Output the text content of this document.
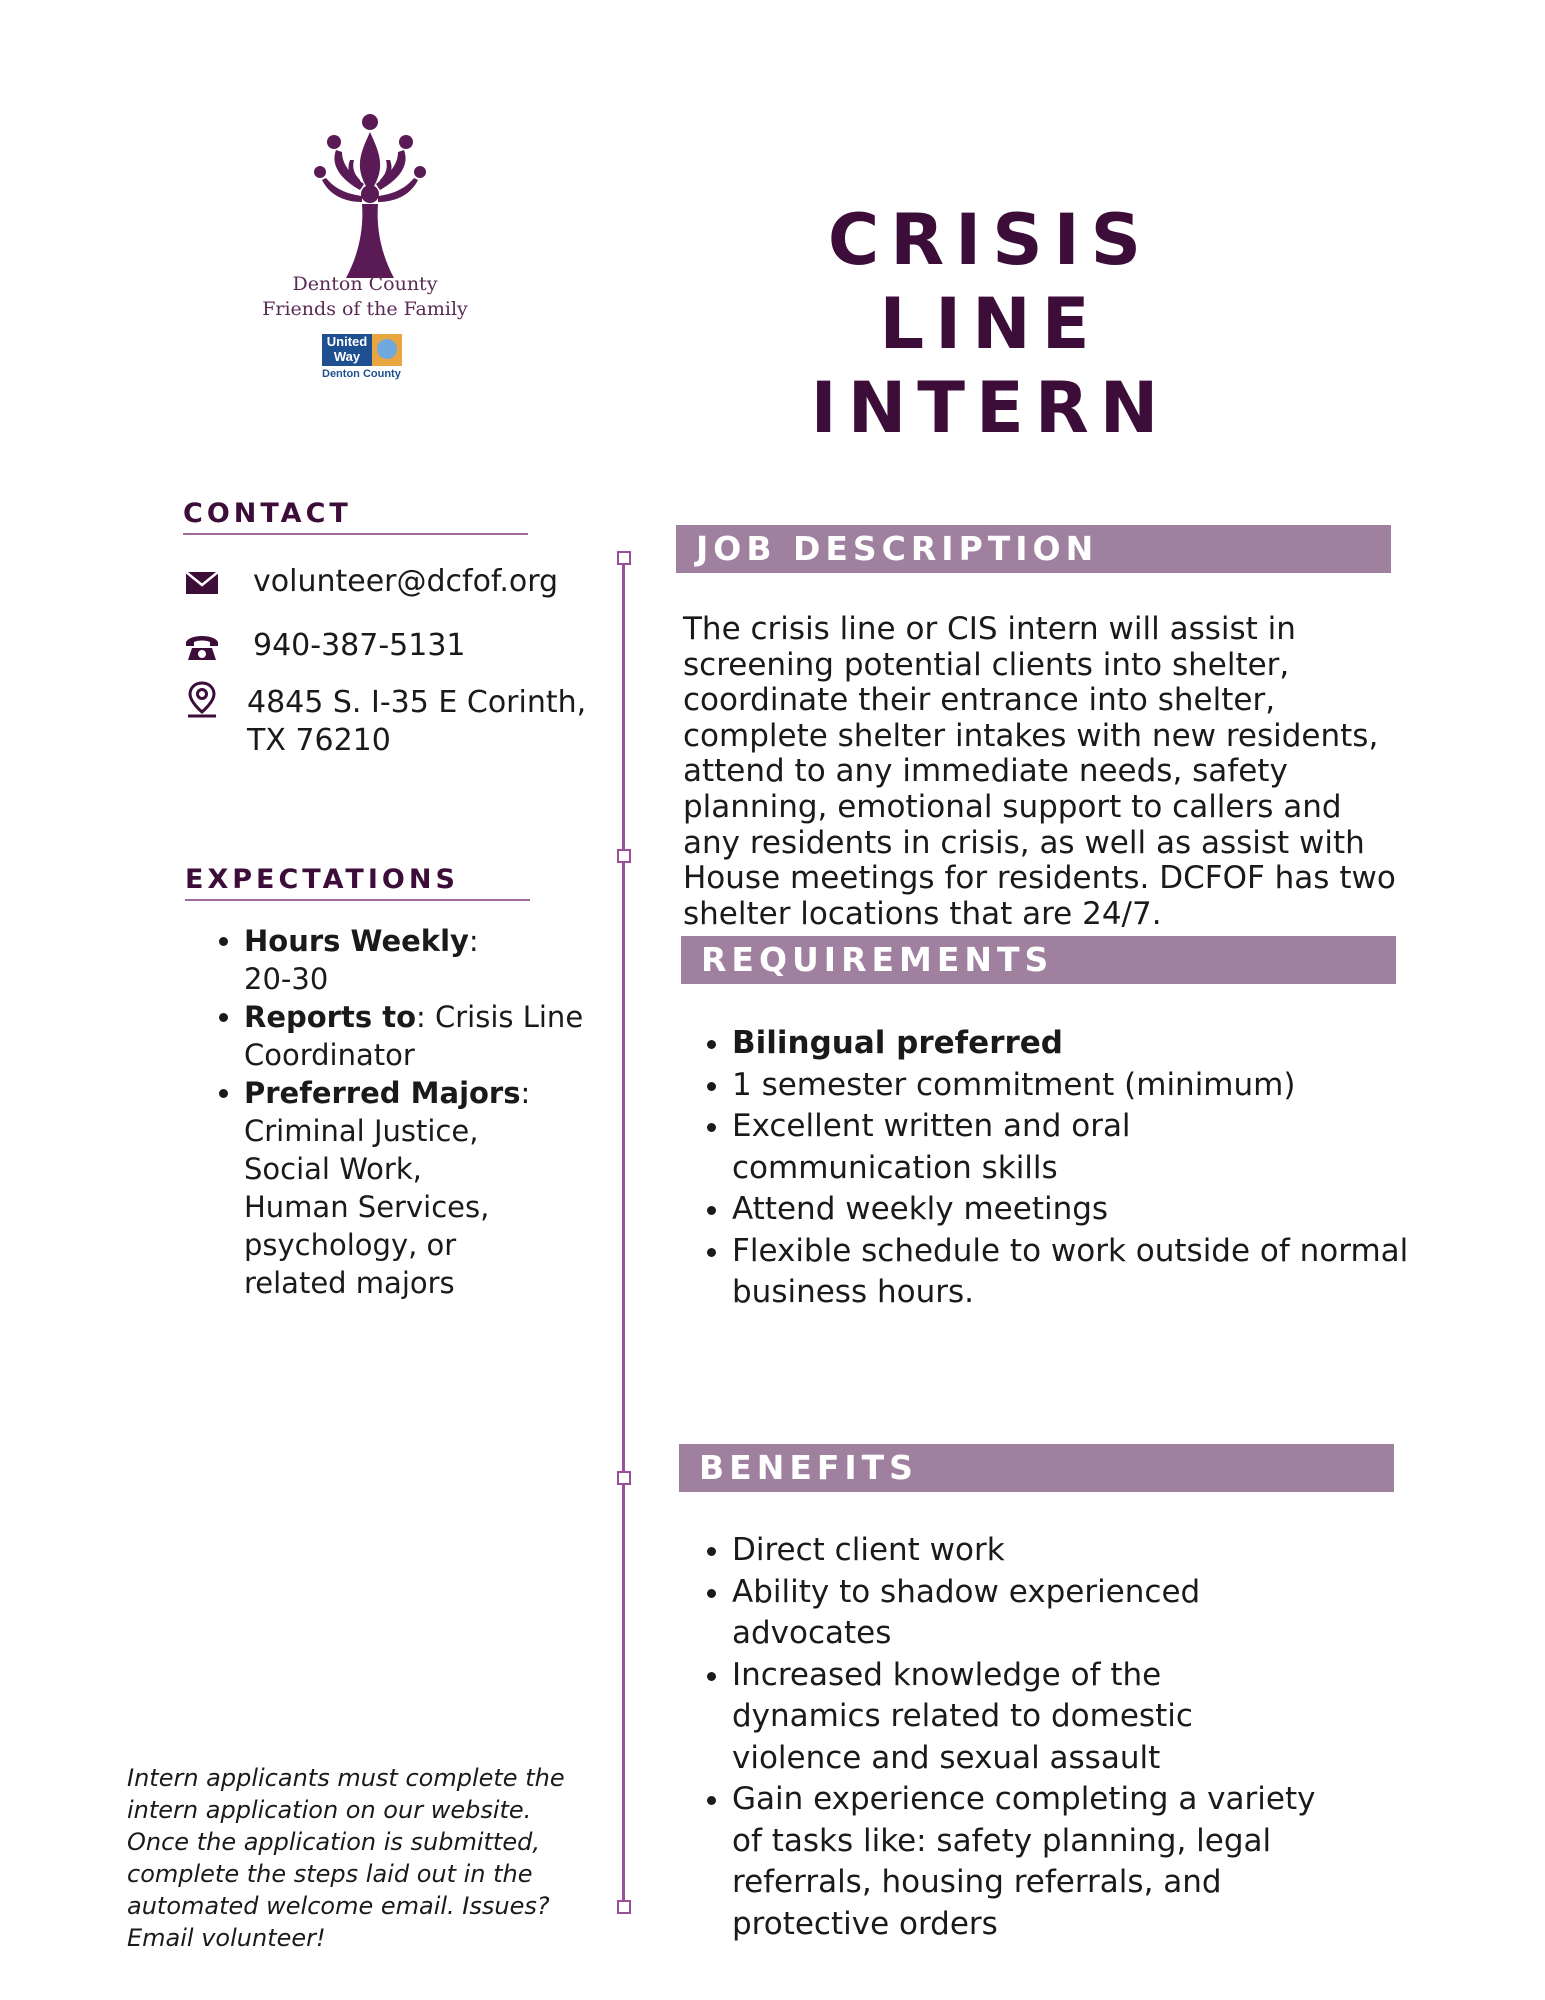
Denton County
Friends of the Family
United
Way
Denton County
CRISIS LINE
INTERN
CONTACT
volunteer@dcfof.org
940-387-5131
4845 S. I-35 E Corinth,
TX 76210
EXPECTATIONS
• Hours Weekly:
20-30
• Reports to: Crisis Line Coordinator
• Preferred Majors:

Criminal Justice, Social Work, Human Services, psychology, or related majors
Intern applicants must complete the intern application on our website. Once the application is submitted, complete the steps laid out in the automated welcome email. Issues? Email volunteer!
JOB DESCRIPTION
The crisis line or CIS intern will assist in screening potential clients into shelter, coordinate their entrance into shelter, complete shelter intakes with new residents, attend to any immediate needs, safety planning, emotional support to callers and any residents in crisis, as well as assist with House meetings for residents. DCFOF has two shelter locations that are 24/7.
REQUIREMENTS
• Bilingual preferred
• 1 semester commitment (minimum)
• Excellent written and oral communication skills
• Attend weekly meetings
• Flexible schedule to work outside of normal business hours.
BENEFITS
• Direct client work
• Ability to shadow experienced advocates
• Increased knowledge of the dynamics related to domestic violence and sexual assault
• Gain experience completing a variety of tasks like: safety planning, legal referrals, housing referrals, and protective orders
